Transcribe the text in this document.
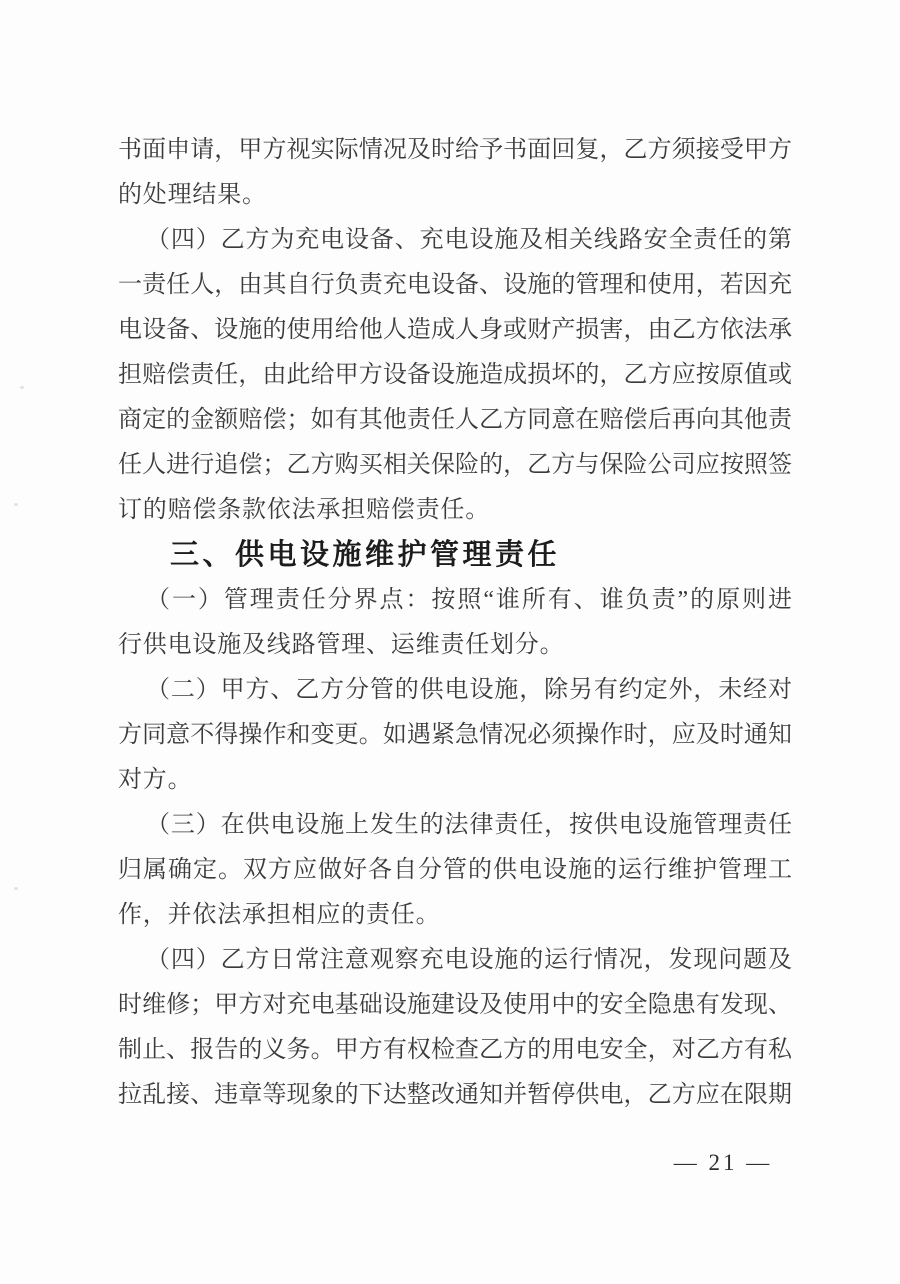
书面申请，甲方视实际情况及时给予书面回复，乙方须接受甲方
的处理结果。
（四）乙方为充电设备、充电设施及相关线路安全责任的第
一责任人，由其自行负责充电设备、设施的管理和使用，若因充
电设备、设施的使用给他人造成人身或财产损害，由乙方依法承
担赔偿责任，由此给甲方设备设施造成损坏的，乙方应按原值或
商定的金额赔偿；如有其他责任人乙方同意在赔偿后再向其他责
任人进行追偿；乙方购买相关保险的，乙方与保险公司应按照签
订的赔偿条款依法承担赔偿责任。
三、供电设施维护管理责任
（一）管理责任分界点：按照“谁所有、谁负责”的原则进
行供电设施及线路管理、运维责任划分。
（二）甲方、乙方分管的供电设施，除另有约定外，未经对
方同意不得操作和变更。如遇紧急情况必须操作时，应及时通知
对方。
（三）在供电设施上发生的法律责任，按供电设施管理责任
归属确定。双方应做好各自分管的供电设施的运行维护管理工
作，并依法承担相应的责任。
（四）乙方日常注意观察充电设施的运行情况，发现问题及
时维修；甲方对充电基础设施建设及使用中的安全隐患有发现、
制止、报告的义务。甲方有权检查乙方的用电安全，对乙方有私
拉乱接、违章等现象的下达整改通知并暂停供电，乙方应在限期
— 21 —
